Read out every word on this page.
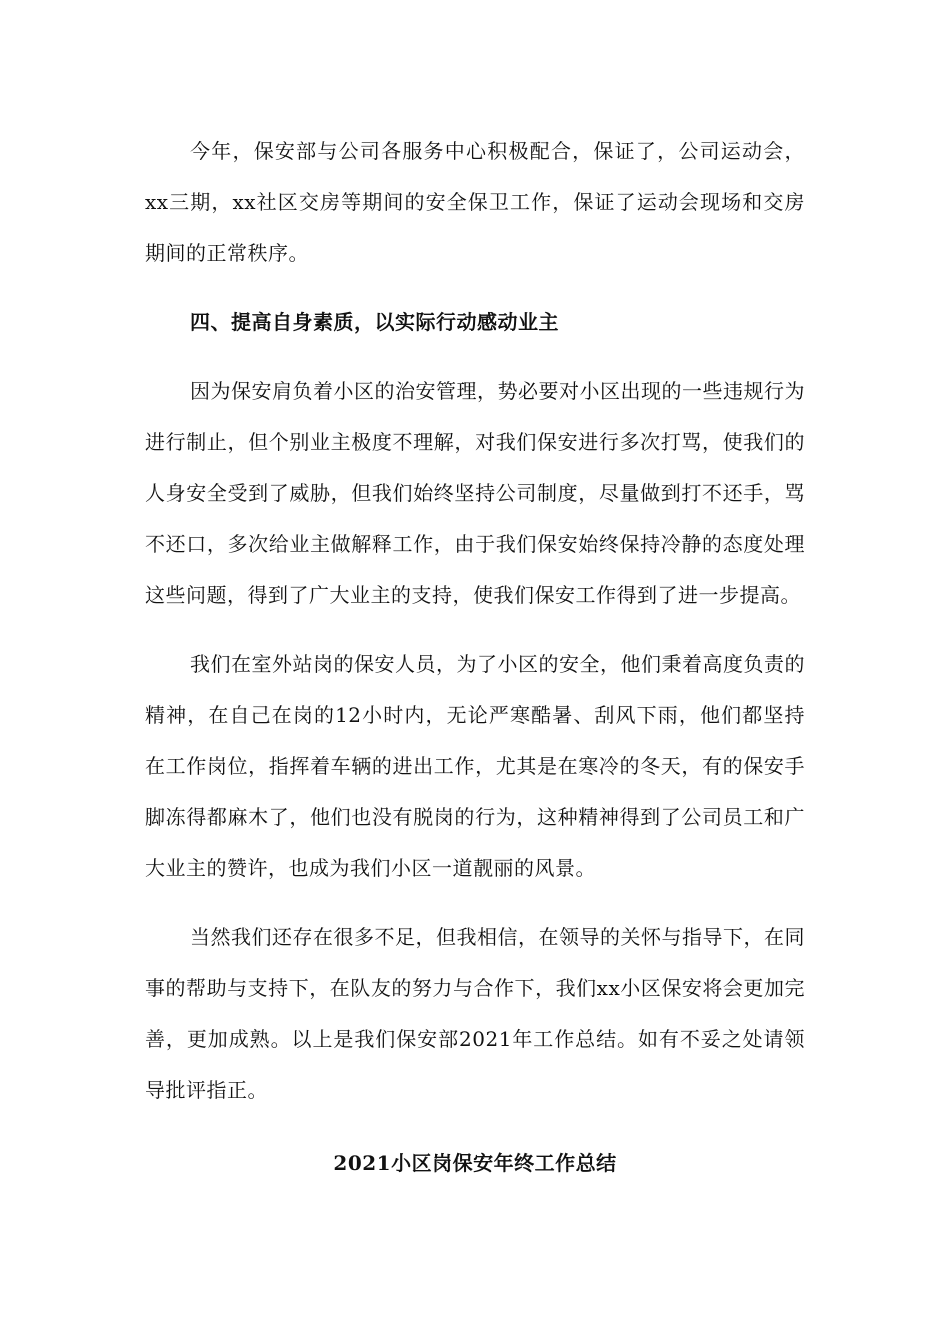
今年，保安部与公司各服务中心积极配合，保证了，公司运动会，xx三期，xx社区交房等期间的安全保卫工作，保证了运动会现场和交房期间的正常秩序。

四、提高自身素质，以实际行动感动业主

因为保安肩负着小区的治安管理，势必要对小区出现的一些违规行为进行制止，但个别业主极度不理解，对我们保安进行多次打骂，使我们的人身安全受到了威胁，但我们始终坚持公司制度，尽量做到打不还手，骂不还口，多次给业主做解释工作，由于我们保安始终保持冷静的态度处理这些问题，得到了广大业主的支持，使我们保安工作得到了进一步提高。

我们在室外站岗的保安人员，为了小区的安全，他们秉着高度负责的精神，在自己在岗的12小时内，无论严寒酷暑、刮风下雨，他们都坚持在工作岗位，指挥着车辆的进出工作，尤其是在寒冷的冬天，有的保安手脚冻得都麻木了，他们也没有脱岗的行为，这种精神得到了公司员工和广大业主的赞许，也成为我们小区一道靓丽的风景。

当然我们还存在很多不足，但我相信，在领导的关怀与指导下，在同事的帮助与支持下，在队友的努力与合作下，我们xx小区保安将会更加完善，更加成熟。以上是我们保安部2021年工作总结。如有不妥之处请领导批评指正。

2021小区岗保安年终工作总结
